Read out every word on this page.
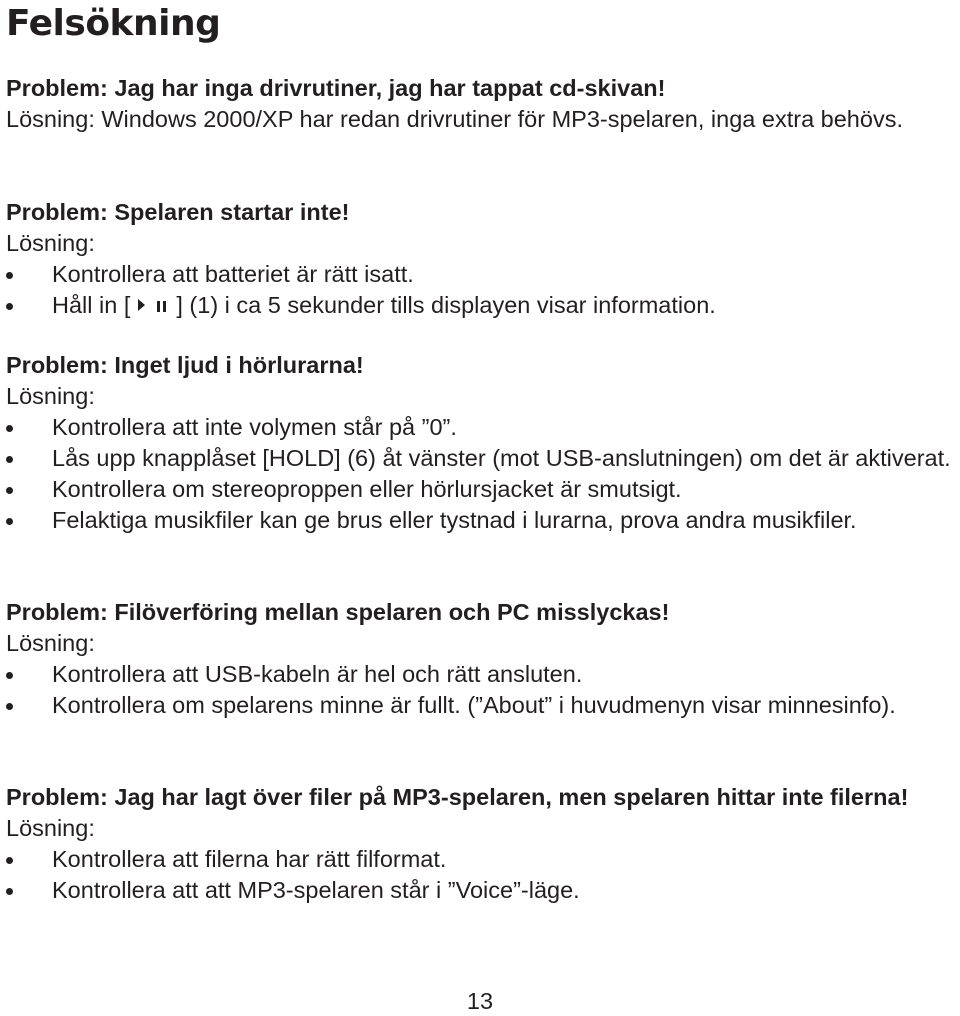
Felsökning

Problem: Jag har inga drivrutiner, jag har tappat cd-skivan!

Lösning: Windows 2000/XP har redan drivrutiner för MP3-spelaren, inga extra behövs.

Problem: Spelaren startar inte!

Lösning:

Kontrollera att batteriet är rätt isatt.
Håll in [ ] (1) i ca 5 sekunder tills displayen visar information.

Problem: Inget ljud i hörlurarna!

Lösning:

Kontrollera att inte volymen står på ”0”.
Lås upp knapplåset [HOLD] (6) åt vänster (mot USB-anslutningen) om det är aktiverat.
Kontrollera om stereoproppen eller hörlursjacket är smutsigt.
Felaktiga musikfiler kan ge brus eller tystnad i lurarna, prova andra musikfiler.

Problem: Filöverföring mellan spelaren och PC misslyckas!

Lösning:

Kontrollera att USB-kabeln är hel och rätt ansluten.
Kontrollera om spelarens minne är fullt. (”About” i huvudmenyn visar minnesinfo).

Problem: Jag har lagt över filer på MP3-spelaren, men spelaren hittar inte filerna!

Lösning:

Kontrollera att filerna har rätt filformat.
Kontrollera att att MP3-spelaren står i ”Voice”-läge.
13
